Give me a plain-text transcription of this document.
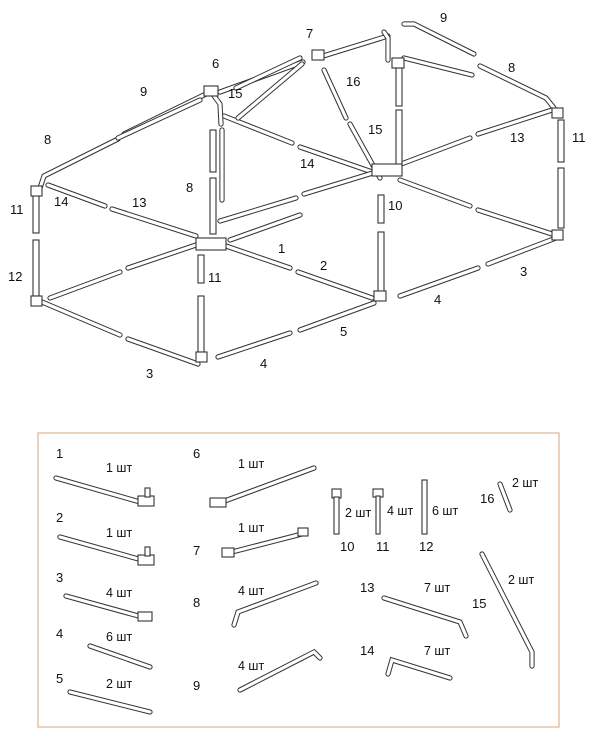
9
7
6	8
9
16
15
15
8	13	11
14
8
11
14	13	10
1
2	3
12	11
4
5
4
3
1
1 шт
2
1 шт
3
4 шт
4	6 шт
5	2 шт
6
1 шт
7
1 шт
8
4 шт
9
4 шт
2 шт
10
4 шт
11
6 шт
12
13	7 шт
14	7 шт
2 шт
15
16
2 шт
